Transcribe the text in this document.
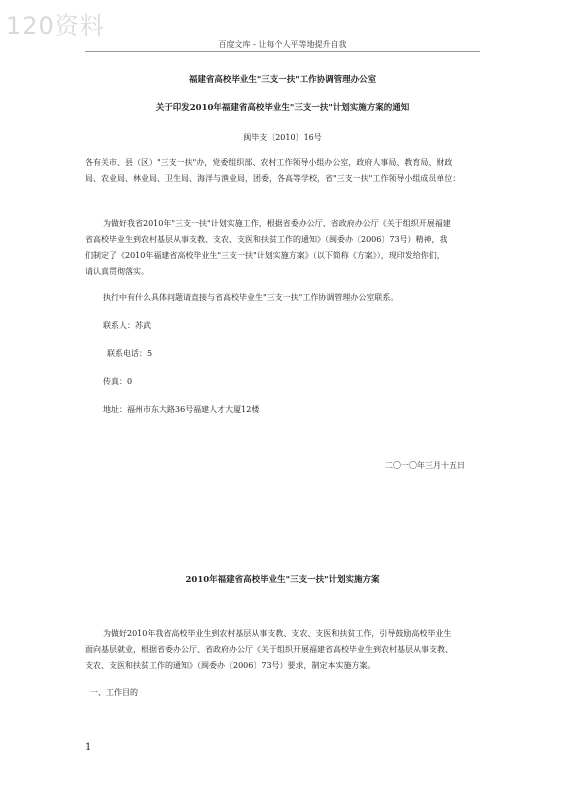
120资料
百度文库 - 让每个人平等地提升自我
福建省高校毕业生"三支一扶"工作协调管理办公室
关于印发2010年福建省高校毕业生"三支一扶"计划实施方案的通知
闽毕支〔2010〕16号
各有关市、县（区）"三支一扶"办，党委组织部、农村工作领导小组办公室，政府人事局、教育局、财政
局、农业局、林业局、卫生局、海洋与渔业局，团委，各高等学校，省"三支一扶"工作领导小组成员单位：
为做好我省2010年"三支一扶"计划实施工作，根据省委办公厅、省政府办公厅《关于组织开展福建
省高校毕业生到农村基层从事支教、支农、支医和扶贫工作的通知》（闽委办〔2006〕73号）精神，我
们制定了《2010年福建省高校毕业生"三支一扶"计划实施方案》（以下简称《方案》），现印发给你们，
请认真贯彻落实。
执行中有什么具体问题请直接与省高校毕业生"三支一扶"工作协调管理办公室联系。
联系人：苏武
联系电话：5
传真：0
地址：福州市东大路36号福建人才大厦12楼
二〇一〇年三月十五日
2010年福建省高校毕业生"三支一扶"计划实施方案
为做好2010年我省高校毕业生到农村基层从事支教、支农、支医和扶贫工作，引导鼓励高校毕业生
面向基层就业，根据省委办公厅、省政府办公厅《关于组织开展福建省高校毕业生到农村基层从事支教、
支农、支医和扶贫工作的通知》（闽委办〔2006〕73号）要求，制定本实施方案。
一、工作目的
1
